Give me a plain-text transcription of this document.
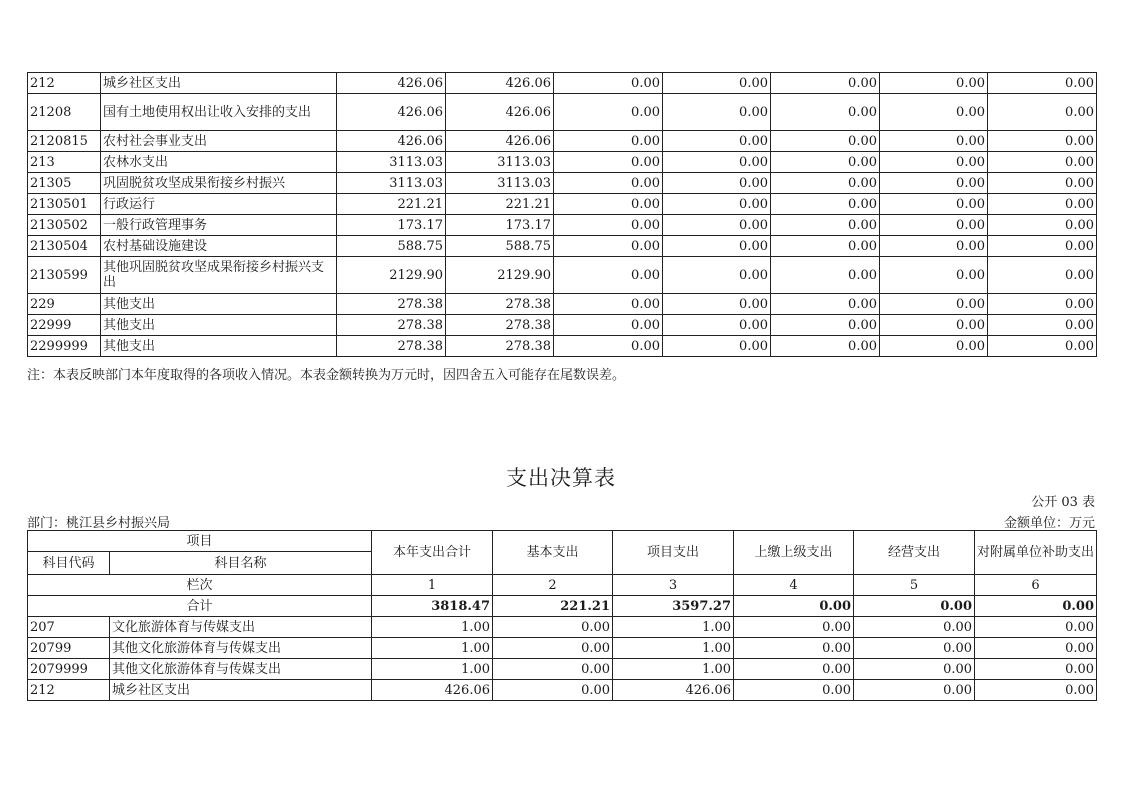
212	城乡社区支出	426.06	426.06	0.00	0.00	0.00	0.00	0.00
21208	国有土地使用权出让收入安排的支出	426.06	426.06	0.00	0.00	0.00	0.00	0.00
2120815	农村社会事业支出	426.06	426.06	0.00	0.00	0.00	0.00	0.00
213	农林水支出	3113.03	3113.03	0.00	0.00	0.00	0.00	0.00
21305	巩固脱贫攻坚成果衔接乡村振兴	3113.03	3113.03	0.00	0.00	0.00	0.00	0.00
2130501	行政运行	221.21	221.21	0.00	0.00	0.00	0.00	0.00
2130502	一般行政管理事务	173.17	173.17	0.00	0.00	0.00	0.00	0.00
2130504	农村基础设施建设	588.75	588.75	0.00	0.00	0.00	0.00	0.00
2130599	其他巩固脱贫攻坚成果衔接乡村振兴支出	2129.90	2129.90	0.00	0.00	0.00	0.00	0.00
229	其他支出	278.38	278.38	0.00	0.00	0.00	0.00	0.00
22999	其他支出	278.38	278.38	0.00	0.00	0.00	0.00	0.00
2299999	其他支出	278.38	278.38	0.00	0.00	0.00	0.00	0.00
注：本表反映部门本年度取得的各项收入情况。本表金额转换为万元时，因四舍五入可能存在尾数误差。
支出决算表
公开 03 表
部门：桃江县乡村振兴局	金额单位：万元
项目		本年支出合计	基本支出	项目支出	上缴上级支出	经营支出	对附属单位补助支出
科目代码	科目名称						
栏次		1	2	3	4	5	6
合计		3818.47	221.21	3597.27	0.00	0.00	0.00
207	文化旅游体育与传媒支出	1.00	0.00	1.00	0.00	0.00	0.00
20799	其他文化旅游体育与传媒支出	1.00	0.00	1.00	0.00	0.00	0.00
2079999	其他文化旅游体育与传媒支出	1.00	0.00	1.00	0.00	0.00	0.00
212	城乡社区支出	426.06	0.00	426.06	0.00	0.00	0.00
